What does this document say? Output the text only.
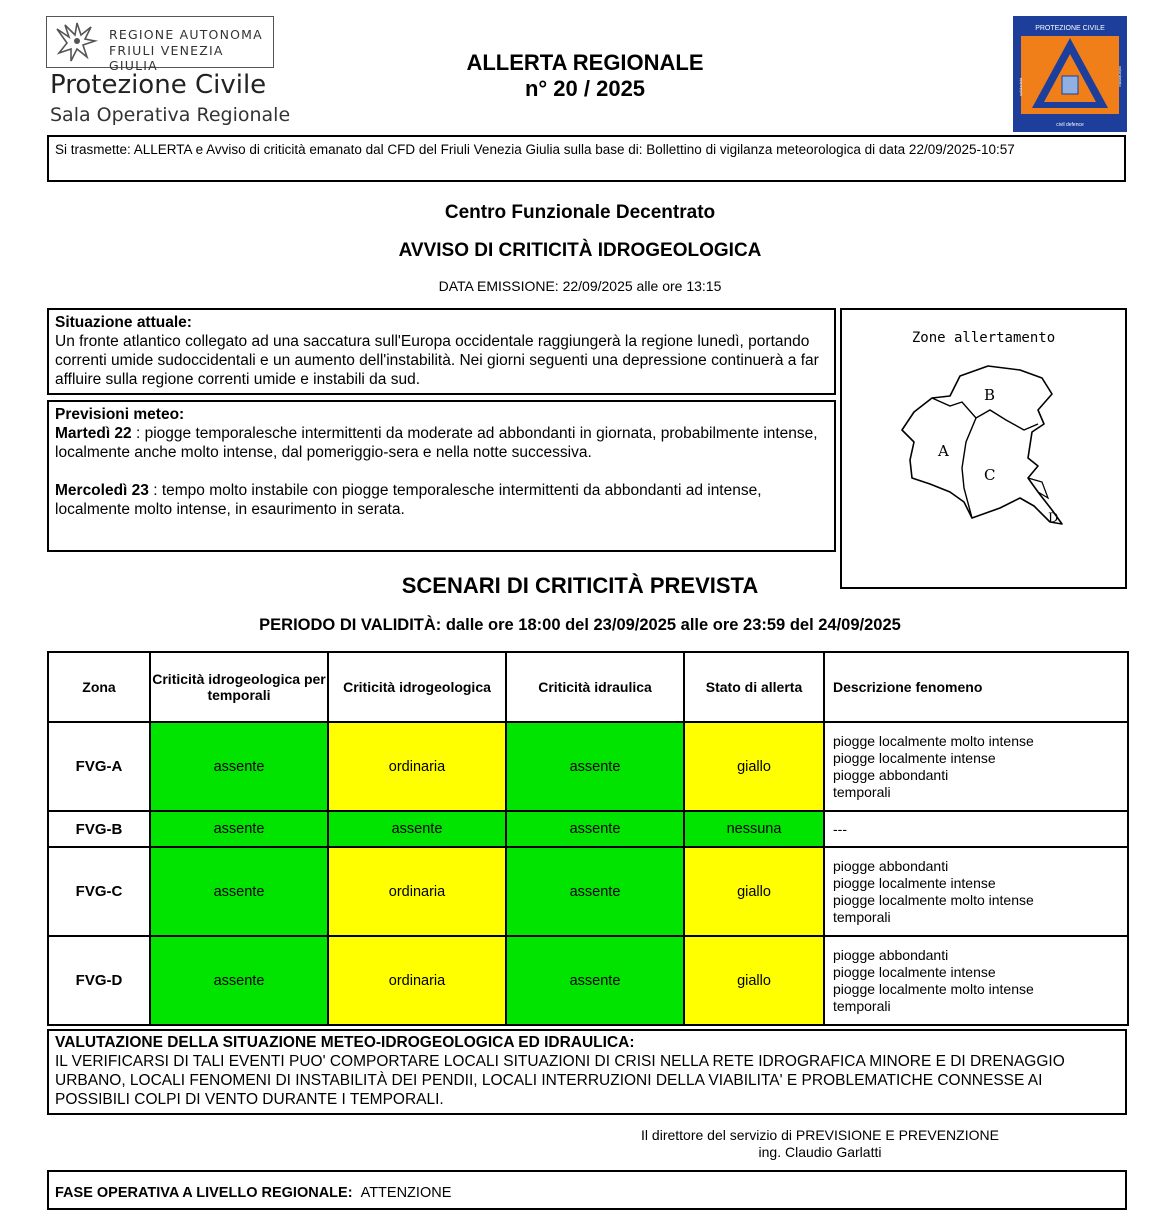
REGIONE AUTONOMA
FRIULI VENEZIA GIULIA
Protezione Civile
Sala Operativa Regionale
ALLERTA REGIONALE
n° 20 / 2025
PROTEZIONE CIVILE
civil defence
solidarietà
volontariato
Si trasmette: ALLERTA e Avviso di criticità emanato dal CFD del Friuli Venezia Giulia sulla base di: Bollettino di vigilanza meteorologica di data 22/09/2025-10:57
Centro Funzionale Decentrato
AVVISO DI CRITICITÀ IDROGEOLOGICA
DATA EMISSIONE: 22/09/2025 alle ore 13:15
Situazione attuale:
Un fronte atlantico collegato ad una saccatura sull'Europa occidentale raggiungerà la regione lunedì, portando correnti umide sudoccidentali e un aumento dell'instabilità. Nei giorni seguenti una depressione continuerà a far affluire sulla regione correnti umide e instabili da sud.
Previsioni meteo:
Martedì 22 : piogge temporalesche intermittenti da moderate ad abbondanti in giornata, probabilmente intense, localmente anche molto intense, dal pomeriggio-sera e nella notte successiva.
Mercoledì 23 : tempo molto instabile con piogge temporalesche intermittenti da abbondanti ad intense, localmente molto intense, in esaurimento in serata.
Zone allertamento
A
B
C
D
SCENARI DI CRITICITÀ PREVISTA
PERIODO DI VALIDITÀ: dalle ore 18:00 del 23/09/2025 alle ore 23:59 del 24/09/2025
Zona	Criticità idrogeologica per temporali	Criticità idrogeologica	Criticità idraulica	Stato di allerta	Descrizione fenomeno
FVG-A	assente	ordinaria	assente	giallo	piogge localmente molto intense
piogge localmente intense
piogge abbondanti
temporali

FVG-B	assente	assente	assente	nessuna	---

FVG-C	assente	ordinaria	assente	giallo	piogge abbondanti
piogge localmente intense
piogge localmente molto intense
temporali

FVG-D	assente	ordinaria	assente	giallo	piogge abbondanti
piogge localmente intense
piogge localmente molto intense
temporali
VALUTAZIONE DELLA SITUAZIONE METEO-IDROGEOLOGICA ED IDRAULICA:
IL VERIFICARSI DI TALI EVENTI PUO' COMPORTARE LOCALI SITUAZIONI DI CRISI NELLA RETE IDROGRAFICA MINORE E DI DRENAGGIO URBANO, LOCALI FENOMENI DI INSTABILITÀ DEI PENDII, LOCALI INTERRUZIONI DELLA VIABILITA' E PROBLEMATICHE CONNESSE AI POSSIBILI COLPI DI VENTO DURANTE I TEMPORALI.
Il direttore del servizio di PREVISIONE E PREVENZIONE
ing. Claudio Garlatti
FASE OPERATIVA A LIVELLO REGIONALE: ATTENZIONE
